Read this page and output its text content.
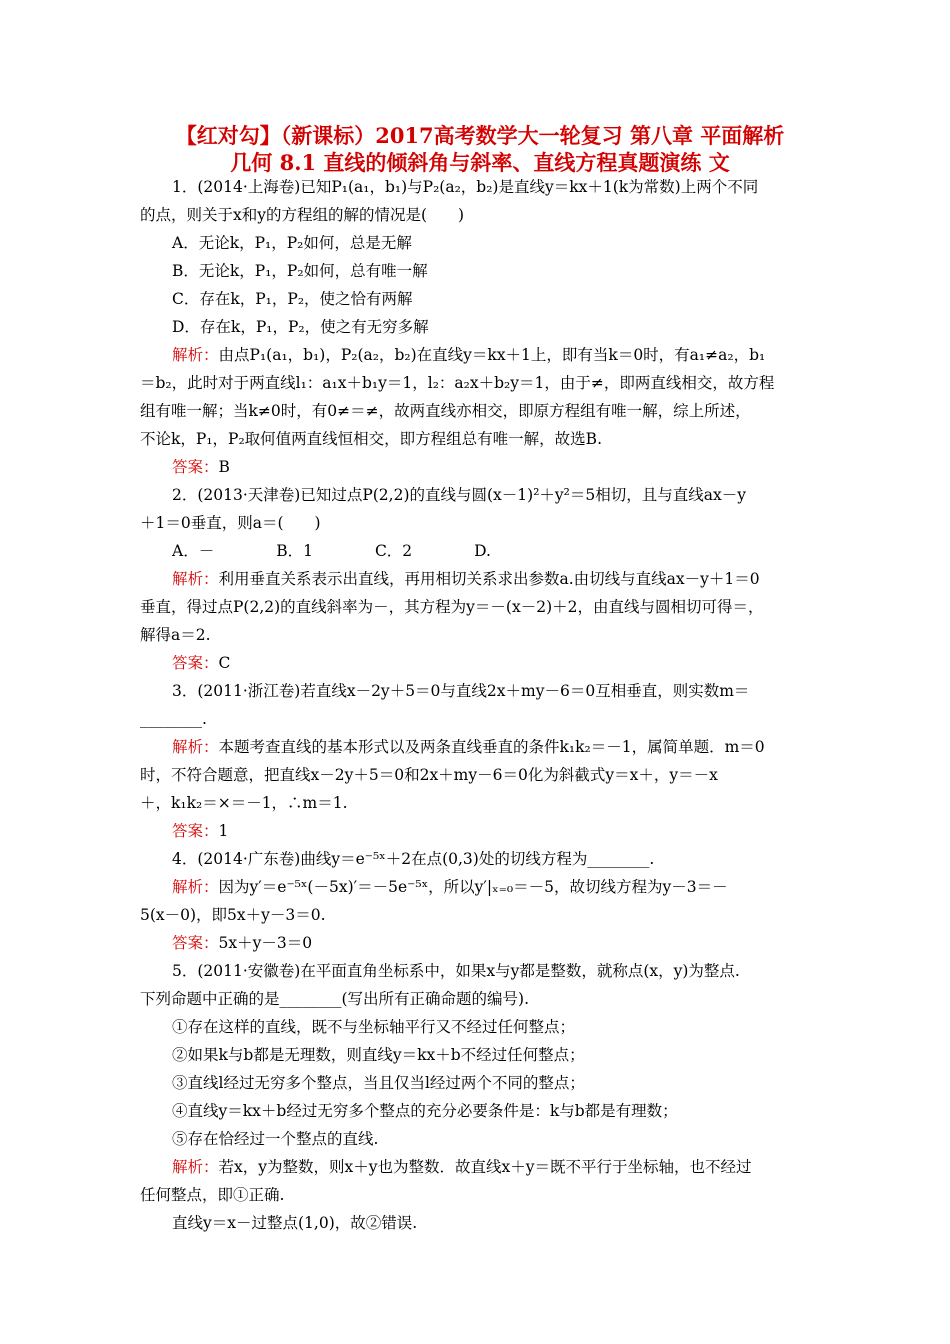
【红对勾】（新课标）2017高考数学大一轮复习 第八章 平面解析
几何 8.1 直线的倾斜角与斜率、直线方程真题演练 文
1．(2014·上海卷)已知P₁(a₁，b₁)与P₂(a₂，b₂)是直线y＝kx＋1(k为常数)上两个不同
的点，则关于x和y的方程组的解的情况是(　　)
A．无论k，P₁，P₂如何，总是无解
B．无论k，P₁，P₂如何，总有唯一解
C．存在k，P₁，P₂，使之恰有两解
D．存在k，P₁，P₂，使之有无穷多解
解析：由点P₁(a₁，b₁)，P₂(a₂，b₂)在直线y＝kx＋1上，即有当k＝0时，有a₁≠a₂，b₁
＝b₂，此时对于两直线l₁：a₁x＋b₁y＝1，l₂：a₂x＋b₂y＝1，由于≠，即两直线相交，故方程
组有唯一解；当k≠0时，有0≠＝≠，故两直线亦相交，即原方程组有唯一解，综上所述，
不论k，P₁，P₂取何值两直线恒相交，即方程组总有唯一解，故选B.
答案：B
2．(2013·天津卷)已知过点P(2,2)的直线与圆(x－1)²＋y²＝5相切，且与直线ax－y
＋1＝0垂直，则a＝(　　)
A．－　　　　B．1　　　　C．2　　　　D.
解析：利用垂直关系表示出直线，再用相切关系求出参数a.由切线与直线ax－y＋1＝0
垂直，得过点P(2,2)的直线斜率为－，其方程为y＝－(x－2)＋2，由直线与圆相切可得＝，
解得a＝2.
答案：C
3．(2011·浙江卷)若直线x－2y＋5＝0与直线2x＋my－6＝0互相垂直，则实数m＝
________.
解析：本题考查直线的基本形式以及两条直线垂直的条件k₁k₂＝－1，属简单题．m＝0
时，不符合题意，把直线x－2y＋5＝0和2x＋my－6＝0化为斜截式y＝x＋，y＝－x
＋，k₁k₂＝×＝－1，∴m＝1.
答案：1
4．(2014·广东卷)曲线y＝e⁻⁵ˣ＋2在点(0,3)处的切线方程为________.
解析：因为y′＝e⁻⁵ˣ(－5x)′＝－5e⁻⁵ˣ，所以y′|ₓ₌₀＝－5，故切线方程为y－3＝－
5(x－0)，即5x＋y－3＝0.
答案：5x＋y－3＝0
5．(2011·安徽卷)在平面直角坐标系中，如果x与y都是整数，就称点(x，y)为整点.
下列命题中正确的是________(写出所有正确命题的编号).
①存在这样的直线，既不与坐标轴平行又不经过任何整点；
②如果k与b都是无理数，则直线y＝kx＋b不经过任何整点；
③直线l经过无穷多个整点，当且仅当l经过两个不同的整点；
④直线y＝kx＋b经过无穷多个整点的充分必要条件是：k与b都是有理数；
⑤存在恰经过一个整点的直线.
解析：若x，y为整数，则x＋y也为整数．故直线x＋y＝既不平行于坐标轴，也不经过
任何整点，即①正确.
直线y＝x－过整点(1,0)，故②错误.
